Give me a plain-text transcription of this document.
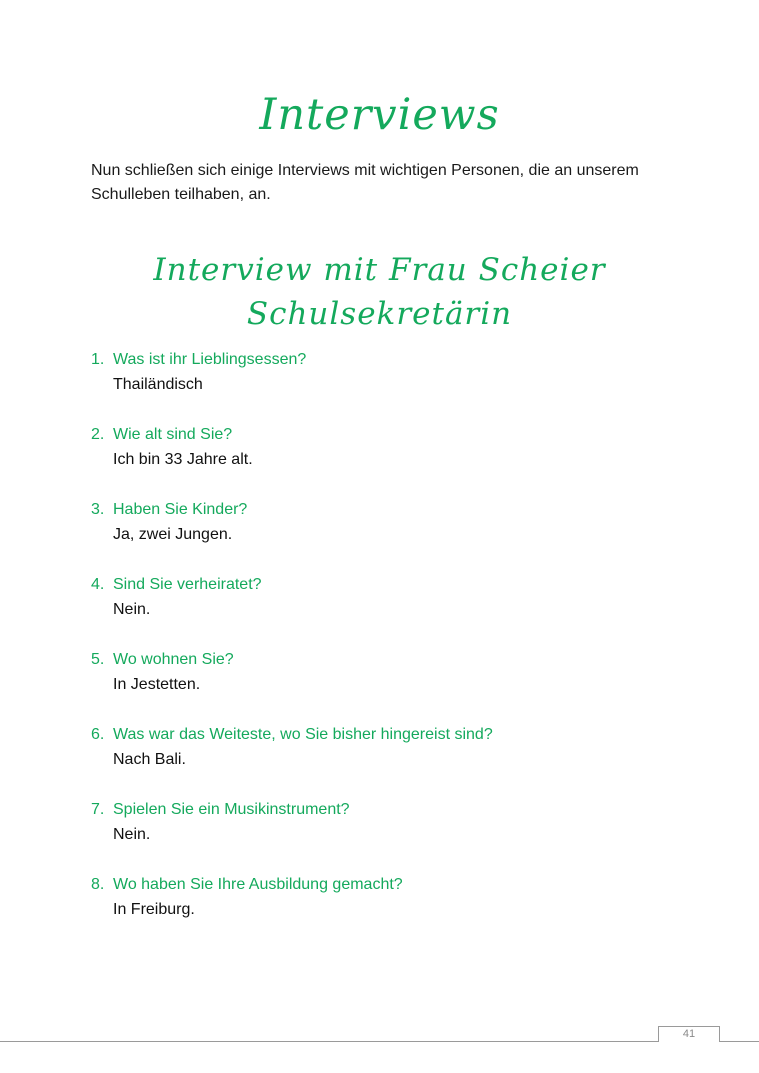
Interviews

Nun schließen sich einige Interviews mit wichtigen Personen, die an unserem Schulleben teilhaben, an.

Interview mit Frau Scheier
Schulsekretärin
1. Was ist ihr Lieblingsessen?
Thailändisch
2. Wie alt sind Sie?
Ich bin 33 Jahre alt.
3. Haben Sie Kinder?
Ja, zwei Jungen.
4. Sind Sie verheiratet?
Nein.
5. Wo wohnen Sie?
In Jestetten.
6. Was war das Weiteste, wo Sie bisher hingereist sind?
Nach Bali.
7. Spielen Sie ein Musikinstrument?
Nein.
8. Wo haben Sie Ihre Ausbildung gemacht?
In Freiburg.
41
